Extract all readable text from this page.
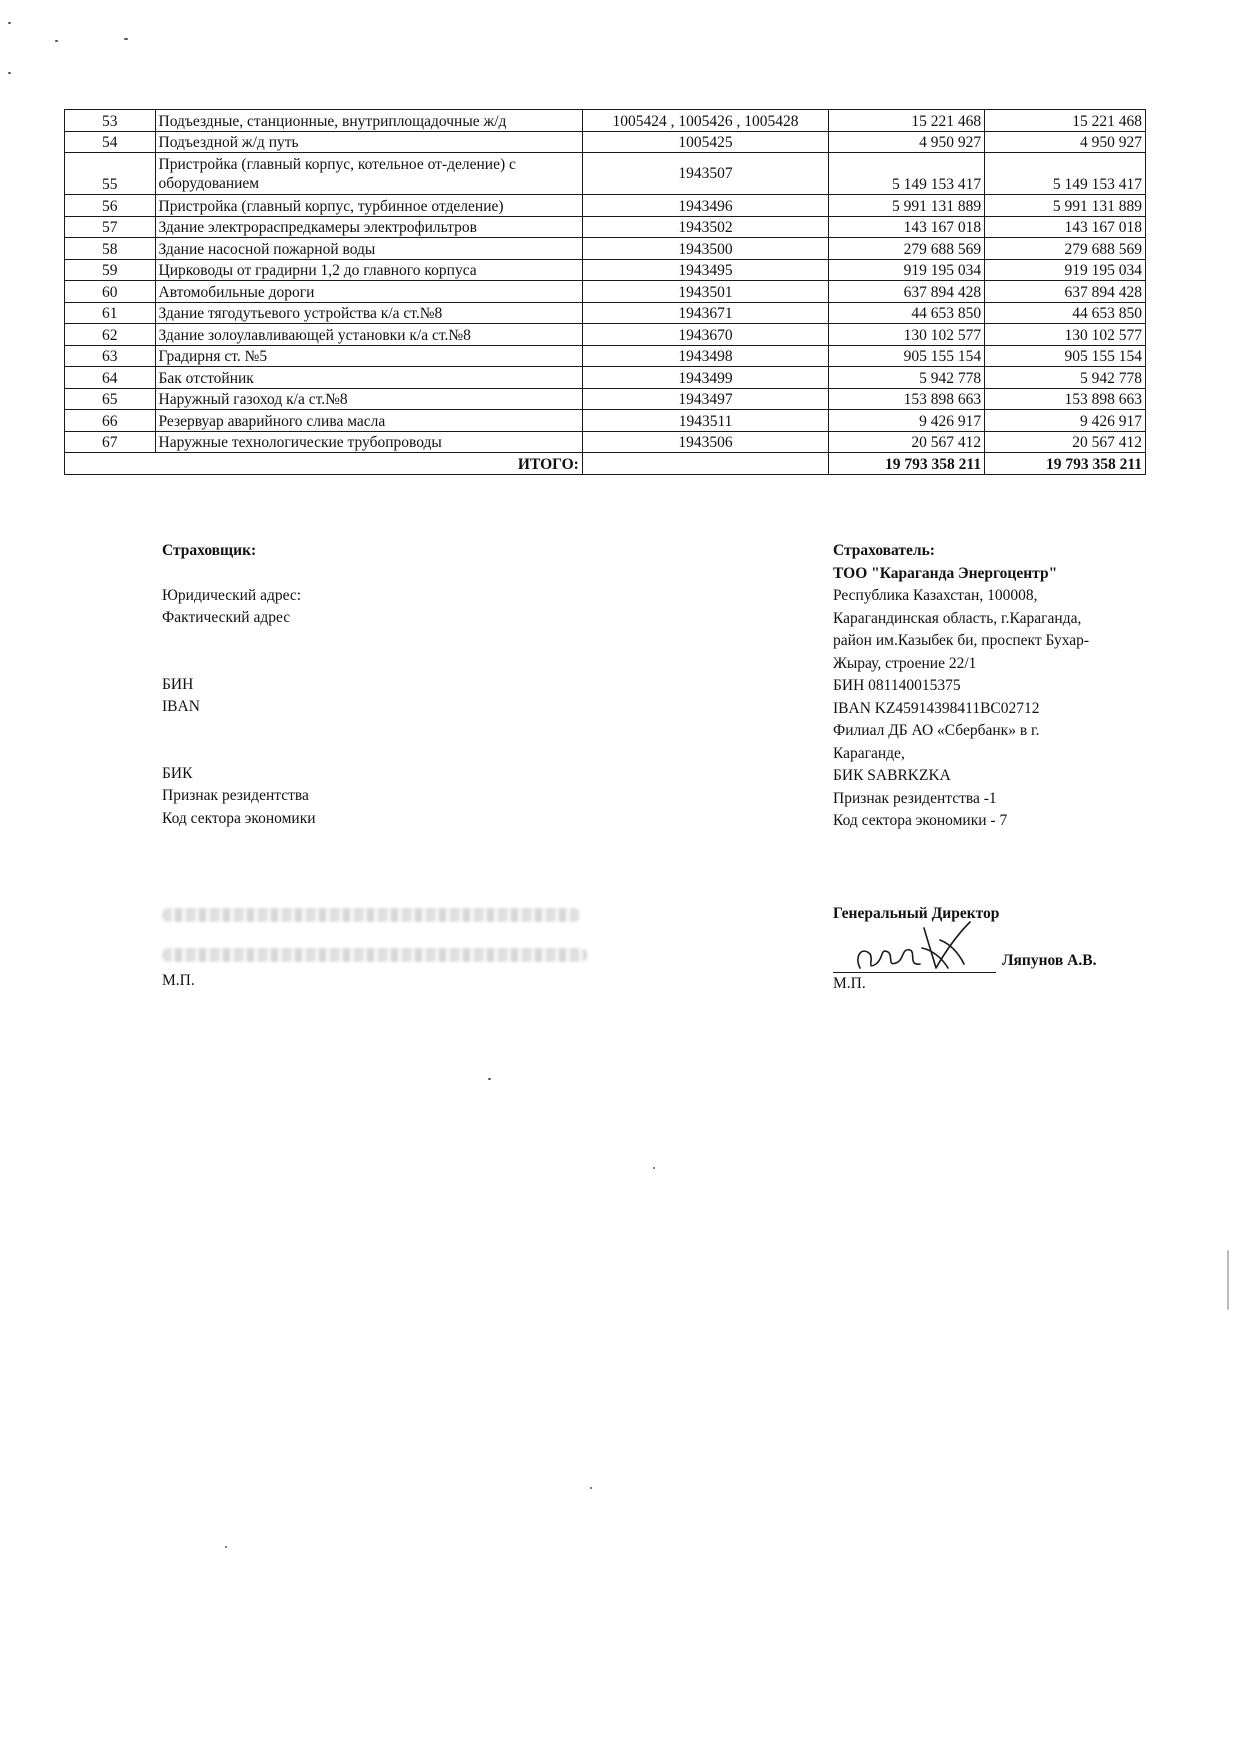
53	Подъездные, станционные, внутриплощадочные ж/д	1005424 , 1005426 , 1005428	15 221 468	15 221 468
54	Подъездной ж/д путь	1005425	4 950 927	4 950 927
55	Пристройка (главный корпус, котельное от-деление) с оборудованием	1943507	5 149 153 417	5 149 153 417
56	Пристройка (главный корпус, турбинное отделение)	1943496	5 991 131 889	5 991 131 889
57	Здание электрораспредкамеры электрофильтров	1943502	143 167 018	143 167 018
58	Здание насосной пожарной воды	1943500	279 688 569	279 688 569
59	Цирководы от градирни 1,2 до главного корпуса	1943495	919 195 034	919 195 034
60	Автомобильные дороги	1943501	637 894 428	637 894 428
61	Здание тягодутьевого устройства к/а ст.№8	1943671	44 653 850	44 653 850
62	Здание золоулавливающей установки к/а ст.№8	1943670	130 102 577	130 102 577
63	Градирня ст. №5	1943498	905 155 154	905 155 154
64	Бак отстойник	1943499	5 942 778	5 942 778
65	Наружный газоход к/а ст.№8	1943497	153 898 663	153 898 663
66	Резервуар аварийного слива масла	1943511	9 426 917	9 426 917
67	Наружные технологические трубопроводы	1943506	20 567 412	20 567 412
ИТОГО:			19 793 358 211	19 793 358 211
Страховщик:
Юридический адрес:
Фактический адрес
БИН
IBAN
БИК
Признак резидентства
Код сектора экономики
М.П.
Страхователь:
ТОО "Караганда Энергоцентр"
Республика Казахстан, 100008,
Карагандинская область, г.Караганда,
район им.Казыбек би, проспект Бухар-
Жырау, строение 22/1
БИН 081140015375
IBAN KZ45914398411BC02712
Филиал ДБ АО «Сбербанк» в г.
Караганде,
БИК SABRKZKA
Признак резидентства -1
Код сектора экономики - 7
Генеральный Директор
Ляпунов А.В.
М.П.
